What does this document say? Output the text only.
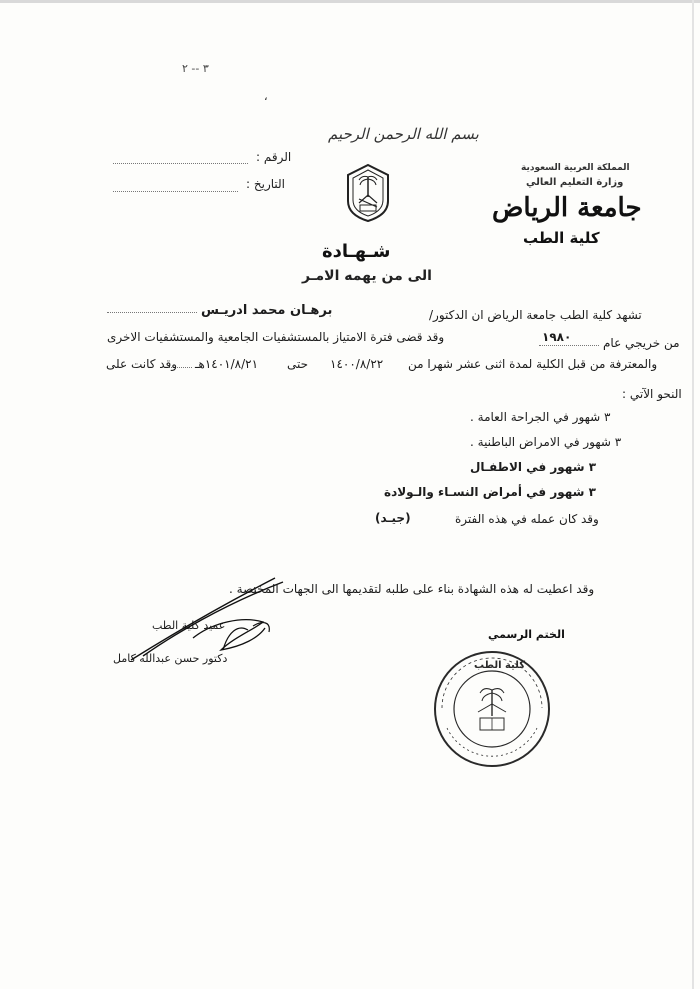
٣ -- ٢
،
بسم الله الرحمن الرحيم
الرقم :
التاريخ :
المملكة العربية السعودية
وزارة التعليم العالي
جامعة الرياض
كلية الطب
شـهـادة
الى من يهمه الامـر
تشهد كلية الطب جامعة الرياض ان الدكتور/
برهـان محمد ادريـس
من خريجي عام
١٩٨٠
وقد قضى فترة الامتياز بالمستشفيات الجامعية والمستشفيات الاخرى
والمعترفة من قبل الكلية لمدة اثنى عشر شهرا من
١٤٠٠/٨/٢٢
حتى
١٤٠١/٨/٢١هـ
وقد كانت على
النحو الآتي :
٣ شهور في الجراحة العامة .
٣ شهور في الامراض الباطنية .
٣ شهور في الاطفـال
٣ شهور في أمراض النسـاء والـولادة
وقد كان عمله في هذه الفترة
(جيـد)
وقد اعطيت له هذه الشهادة بناء على طلبه لتقديمها الى الجهات المختصة .
عميد كلية الطب
دكتور حسن عبدالله كامل
الختم الرسمي
كلية الطب
